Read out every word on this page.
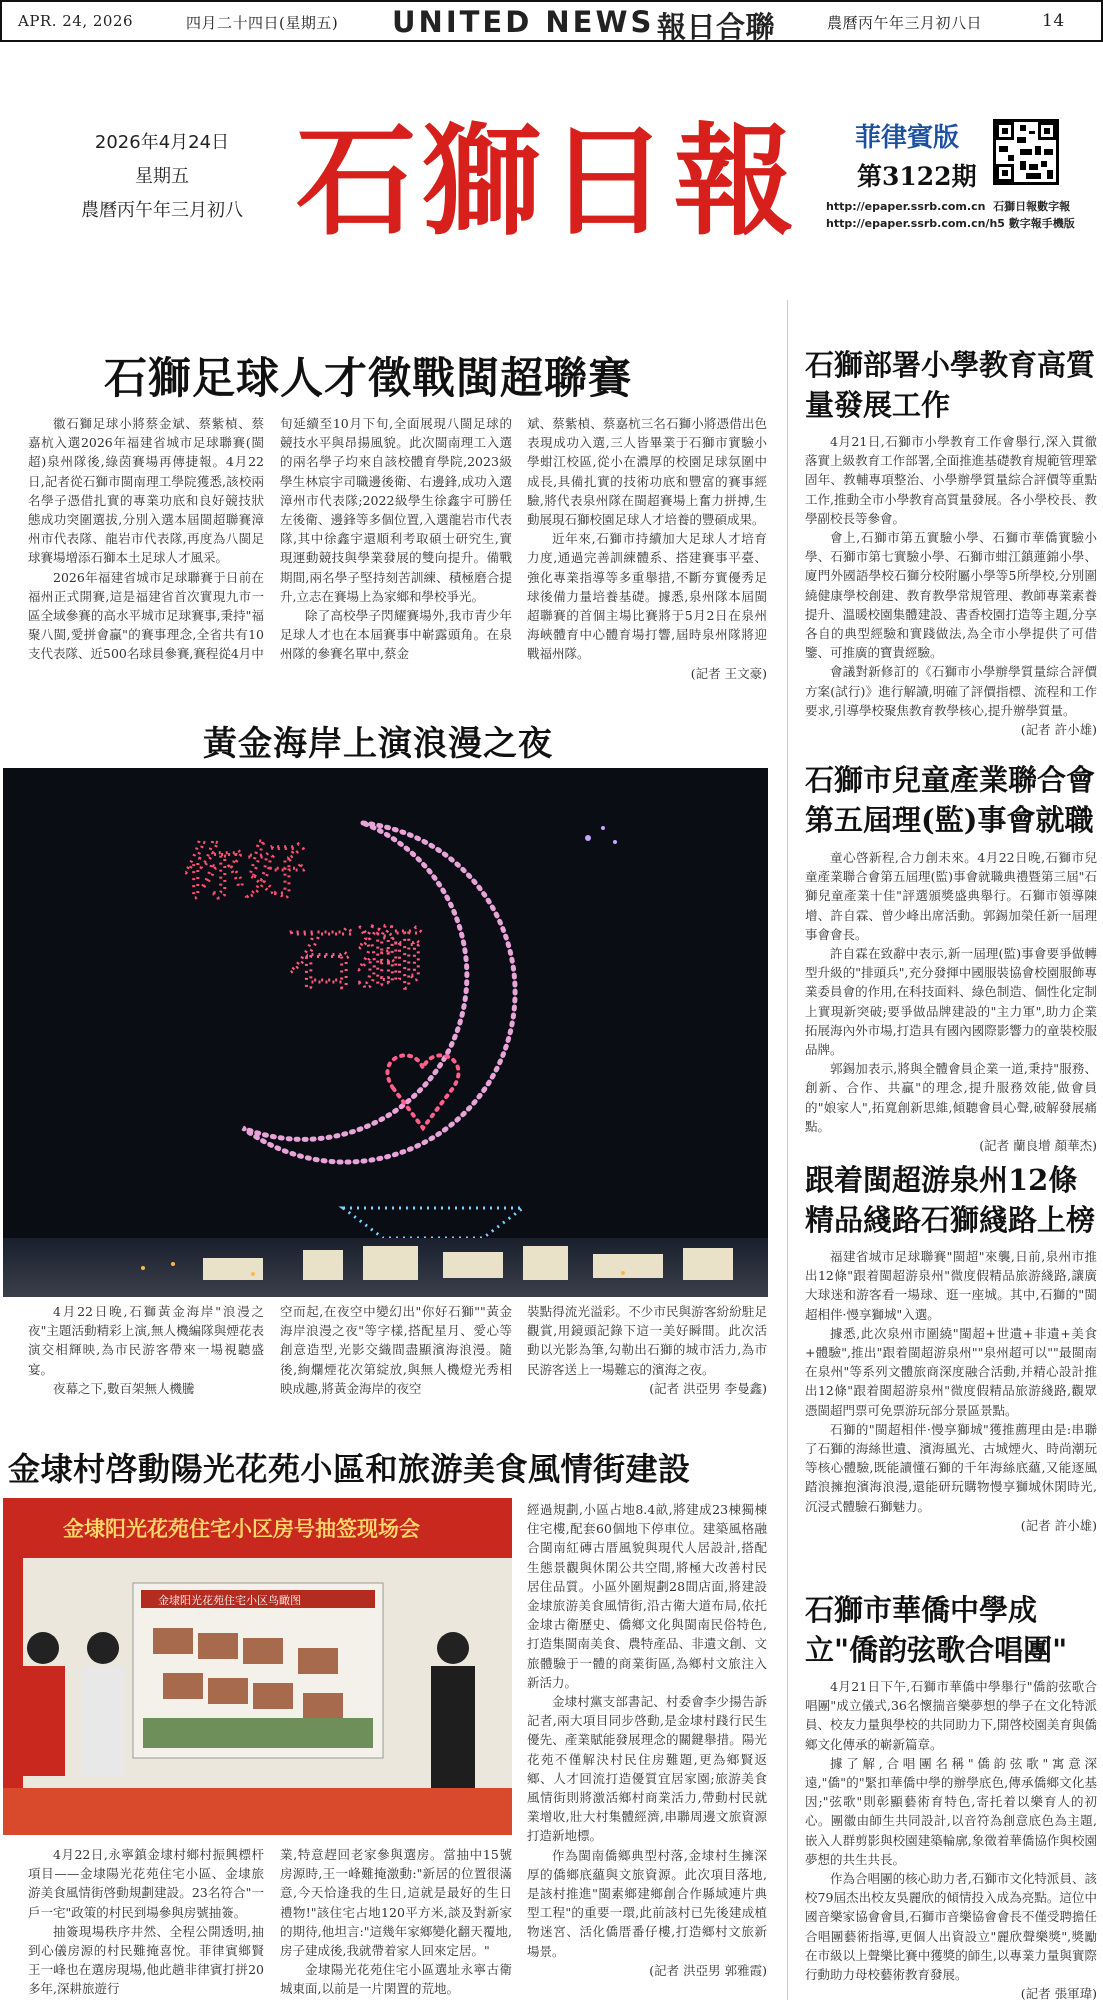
APR. 24, 2026	四月二十四日(星期五) UNITED NEWS 報日合聯	農曆丙午年三月初八日	14
2026年4月24日
星期五
農曆丙午年三月初八 石獅日報 菲律賓版
第3122期
http://epaper.ssrb.com.cn 石獅日報數字報
http://epaper.ssrb.com.cn/h5 數字報手機版
石獅足球人才徵戰閩超聯賽

徽石獅足球小將蔡金斌、蔡紫楨、蔡嘉杭入選2026年福建省城市足球聯賽(閩超)泉州隊後,綠茵賽場再傳捷報。4月22日,記者從石獅市閩南理工學院獲悉,該校兩名學子憑借扎實的專業功底和良好競技狀態成功突圍選拔,分別入選本屆閩超聯賽漳州市代表隊、龍岩市代表隊,再度為八閩足球賽場增添石獅本土足球人才風采。

2026年福建省城市足球聯賽于日前在福州正式開賽,這是福建省首次實現九市一區全域參賽的高水平城市足球賽事,秉持"福聚八閩,愛拼會贏"的賽事理念,全省共有10支代表隊、近500名球員參賽,賽程從4月中

旬延續至10月下旬,全面展現八閩足球的競技水平與昂揚風貌。此次閩南理工入選的兩名學子均來自該校體育學院,2023級學生林宸宇司職邊後衛、右邊鋒,成功入選漳州市代表隊;2022級學生徐鑫宇可勝任左後衛、邊鋒等多個位置,入選龍岩市代表隊,其中徐鑫宇還順利考取碩士研究生,實現運動競技與學業發展的雙向提升。備戰期間,兩名學子堅持刻苦訓練、積極磨合提升,立志在賽場上為家鄉和學校爭光。

除了高校學子閃耀賽場外,我市青少年足球人才也在本屆賽事中嶄露頭角。在泉州隊的參賽名單中,蔡金

斌、蔡紫楨、蔡嘉杭三名石獅小將憑借出色表現成功入選,三人皆畢業于石獅市實驗小學蚶江校區,從小在濃厚的校園足球氛圍中成長,具備扎實的技術功底和豐富的賽事經驗,將代表泉州隊在閩超賽場上奮力拼搏,生動展現石獅校園足球人才培養的豐碩成果。

近年來,石獅市持續加大足球人才培育力度,通過完善訓練體系、搭建賽事平臺、強化專業指導等多重舉措,不斷夯實優秀足球後備力量培養基礎。據悉,泉州隊本屆閩超聯賽的首個主場比賽將于5月2日在泉州海峽體育中心體育場打響,屆時泉州隊將迎戰福州隊。

(記者 王文豪)

黃金海岸上演浪漫之夜
你好
石獅

4月22日晚,石獅黃金海岸"浪漫之夜"主題活動精彩上演,無人機編隊與煙花表演交相輝映,為市民游客帶來一場視聽盛宴。

夜幕之下,數百架無人機騰

空而起,在夜空中變幻出"你好石獅""黃金海岸浪漫之夜"等字樣,搭配星月、愛心等創意造型,光影交織間盡顯濱海浪漫。隨後,絢爛煙花次第綻放,與無人機燈光秀相映成趣,將黃金海岸的夜空

裝點得流光溢彩。不少市民與游客紛紛駐足觀賞,用鏡頭記錄下這一美好瞬間。此次活動以光影為筆,勾勒出石獅的城市活力,為市民游客送上一場難忘的濱海之夜。

(記者 洪亞男 李曼鑫)

金埭村啓動陽光花苑小區和旅游美食風情街建設
金埭阳光花苑住宅小区房号抽签现场会
金埭阳光花苑住宅小区鸟瞰图

4月22日,永寧鎮金埭村鄉村振興標杆項目——金埭陽光花苑住宅小區、金埭旅游美食風情街啓動規劃建設。23名符合"一戶一宅"政策的村民到場參與房號抽簽。

抽簽現場秩序井然、全程公開透明,抽到心儀房源的村民難掩喜悅。菲律賓鄉賢王一峰也在選房現場,他此趟非律賓打拼20多年,深耕旅遊行

業,特意趕回老家參與選房。當抽中15號房源時,王一峰難掩激動:"新居的位置很滿意,今天恰逢我的生日,這就是最好的生日禮物!"該住宅占地120平方米,談及對新家的期待,他坦言:"這幾年家鄉變化翻天覆地,房子建成後,我就帶着家人回來定居。"

金埭陽光花苑住宅小區選址永寧古衛城東面,以前是一片閑置的荒地。

經過規劃,小區占地8.4畝,將建成23棟獨棟住宅樓,配套60個地下停車位。建築風格融合閩南紅磚古厝風貌與現代人居設計,搭配生態景觀與休閑公共空間,將極大改善村民居住品質。小區外圍規劃28間店面,將建設金埭旅游美食風情街,沿古衛大道布局,依托金埭古衛歷史、僑鄉文化與閩南民俗特色,打造集閩南美食、農特產品、非遺文創、文旅體驗于一體的商業街區,為鄉村文旅注入新活力。

金埭村黨支部書記、村委會李少揚告訴記者,兩大項目同步啓動,是金埭村踐行民生優先、產業賦能發展理念的關鍵舉措。陽光花苑不僅解決村民住房難題,更為鄉賢返鄉、人才回流打造優質宜居家園;旅游美食風情街則將激活鄉村商業活力,帶動村民就業增收,壯大村集體經濟,串聯周邊文旅資源打造新地標。

作為閩南僑鄉典型村落,金埭村生擁深厚的僑鄉底蘊與文旅資源。此次項目落地,是該村推進"閩素鄉建鄉創合作縣域連片典型工程"的重要一環,此前該村已先後建成植物迷宮、活化僑厝番仔樓,打造鄉村文旅新場景。

(記者 洪亞男 郭雅霞)

石獅部署小學教育高質量發展工作

4月21日,石獅市小學教育工作會舉行,深入貫徹落實上級教育工作部署,全面推進基礎教育規範管理鞏固年、教輔專項整治、小學辦學質量綜合評價等重點工作,推動全市小學教育高質量發展。各小學校長、教學副校長等參會。

會上,石獅市第五實驗小學、石獅市華僑實驗小學、石獅市第七實驗小學、石獅市蚶江鎮蓮錦小學、廈門外國語學校石獅分校附屬小學等5所學校,分別圍繞健康學校創建、教育教學常規管理、教師專業素養提升、溫暖校園集體建設、書香校園打造等主題,分享各自的典型經驗和實踐做法,為全市小學提供了可借鑒、可推廣的寶貴經驗。

會議對新修訂的《石獅市小學辦學質量綜合評價方案(試行)》進行解讀,明確了評價指標、流程和工作要求,引導學校聚焦教育教學核心,提升辦學質量。

(記者 許小雄)

石獅市兒童產業聯合會第五屆理(監)事會就職

童心啓新程,合力創未來。4月22日晚,石獅市兒童產業聯合會第五屆理(監)事會就職典禮暨第三屆"石獅兒童產業十佳"評選頒獎盛典舉行。石獅市領導陳增、許自霖、曾少峰出席活動。郭錫加榮任新一屆理事會會長。

許自霖在致辭中表示,新一屆理(監)事會要爭做轉型升級的"排頭兵",充分發揮中國服裝協會校園服飾專業委員會的作用,在科技面料、綠色制造、個性化定制上實現新突破;要爭做品牌建設的"主力軍",助力企業拓展海內外市場,打造具有國內國際影響力的童裝校服品牌。

郭錫加表示,將與全體會員企業一道,秉持"服務、創新、合作、共贏"的理念,提升服務效能,做會員的"娘家人",拓寬創新思維,傾聽會員心聲,破解發展痛點。

(記者 蘭良增 顏華杰)

跟着閩超游泉州12條精品綫路石獅綫路上榜

福建省城市足球聯賽"閩超"來襲,日前,泉州市推出12條"跟着閩超游泉州"微度假精品旅游綫路,讓廣大球迷和游客看一場球、逛一座城。其中,石獅的"閩超相伴·慢享獅城"入選。

據悉,此次泉州市圍繞"閩超+世遺+非遺+美食+體驗",推出"跟着閩超游泉州""泉州超可以""最閩南在泉州"等系列文體旅商深度融合活動,并精心設計推出12條"跟着閩超游泉州"微度假精品旅游綫路,觀眾憑閩超門票可免票游玩部分景區景點。

石獅的"閩超相伴·慢享獅城"獲推薦理由是:串聯了石獅的海絲世遺、濱海風光、古城煙火、時尚潮玩等核心體驗,既能讀懂石獅的千年海絲底蘊,又能逐風踏浪擁抱濱海浪漫,還能研玩購物慢享獅城休閑時光,沉浸式體驗石獅魅力。

(記者 許小雄)

石獅市華僑中學成立"僑韵弦歌合唱團"

4月21日下午,石獅市華僑中學舉行"僑韵弦歌合唱團"成立儀式,36名懷揣音樂夢想的學子在文化特派員、校友力量與學校的共同助力下,開啓校園美育與僑鄉文化傳承的嶄新篇章。

據了解,合唱團名稱"僑韵弦歌"寓意深遠,"僑"的"緊扣華僑中學的辦學底色,傳承僑鄉文化基因;"弦歌"則彰顯藝術育特色,寄托着以樂育人的初心。團徽由師生共同設計,以音符為創意底色為主題,嵌入人群剪影與校園建築輪廓,象徵着華僑協作與校園夢想的共生共長。

作為合唱團的核心助力者,石獅市文化特派員、該校79屆杰出校友吳麗欣的傾情投入成為亮點。這位中國音樂家協會會員,石獅市音樂協會會長不僅受聘擔任合唱團藝術指導,更個人出資設立"麗欣聲樂獎",獎勵在市級以上聲樂比賽中獲獎的師生,以專業力量與實際行動助力母校藝術教育發展。

(記者 張軍瑋)
